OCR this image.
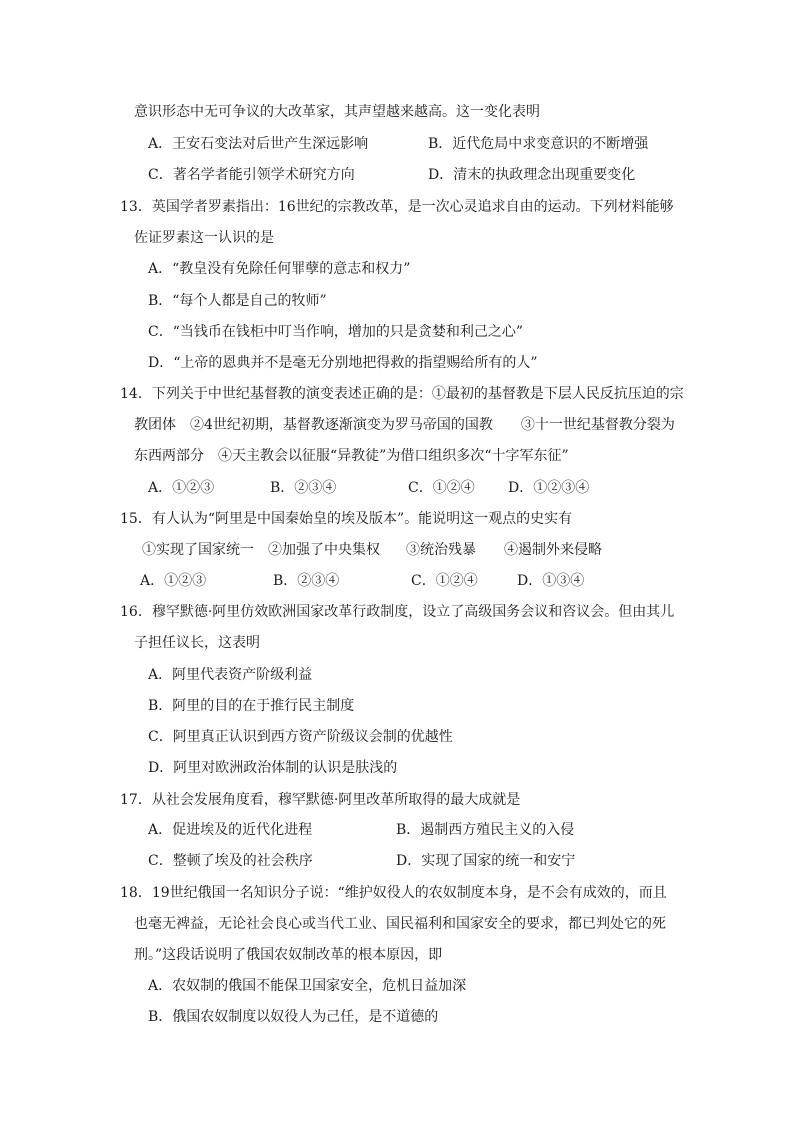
意识形态中无可争议的大改革家，其声望越来越高。这一变化表明
A．王安石变法对后世产生深远影响	B．近代危局中求变意识的不断增强
C．著名学者能引领学术研究方向	D．清末的执政理念出现重要变化
13．英国学者罗素指出：16世纪的宗教改革，是一次心灵追求自由的运动。下列材料能够
佐证罗素这一认识的是
A．“教皇没有免除任何罪孽的意志和权力”
B．“每个人都是自己的牧师”
C．“当钱币在钱柜中叮当作响，增加的只是贪婪和利己之心”
D．“上帝的恩典并不是毫无分别地把得救的指望赐给所有的人”
14．下列关于中世纪基督教的演变表述正确的是：①最初的基督教是下层人民反抗压迫的宗
教团体　②4世纪初期，基督教逐渐演变为罗马帝国的国教　　③十一世纪基督教分裂为
东西两部分　④天主教会以征服“异教徒”为借口组织多次“十字军东征”
A．①②③	B．②③④	C．①②④ D．①②③④
15．有人认为“阿里是中国秦始皇的埃及版本”。能说明这一观点的史实有
①实现了国家统一 ②加强了中央集权 ③统治残暴 ④遏制外来侵略
A．①②③	B．②③④	C．①②④	D．①③④
16．穆罕默德·阿里仿效欧洲国家改革行政制度，设立了高级国务会议和咨议会。但由其儿
子担任议长，这表明
A．阿里代表资产阶级利益
B．阿里的目的在于推行民主制度
C．阿里真正认识到西方资产阶级议会制的优越性
D．阿里对欧洲政治体制的认识是肤浅的
17．从社会发展角度看，穆罕默德·阿里改革所取得的最大成就是
A．促进埃及的近代化进程	B．遏制西方殖民主义的入侵
C．整顿了埃及的社会秩序	D．实现了国家的统一和安宁
18．19世纪俄国一名知识分子说：“维护奴役人的农奴制度本身，是不会有成效的，而且
也毫无裨益，无论社会良心或当代工业、国民福利和国家安全的要求，都已判处它的死
刑。”这段话说明了俄国农奴制改革的根本原因，即
A．农奴制的俄国不能保卫国家安全，危机日益加深
B．俄国农奴制度以奴役人为己任，是不道德的
